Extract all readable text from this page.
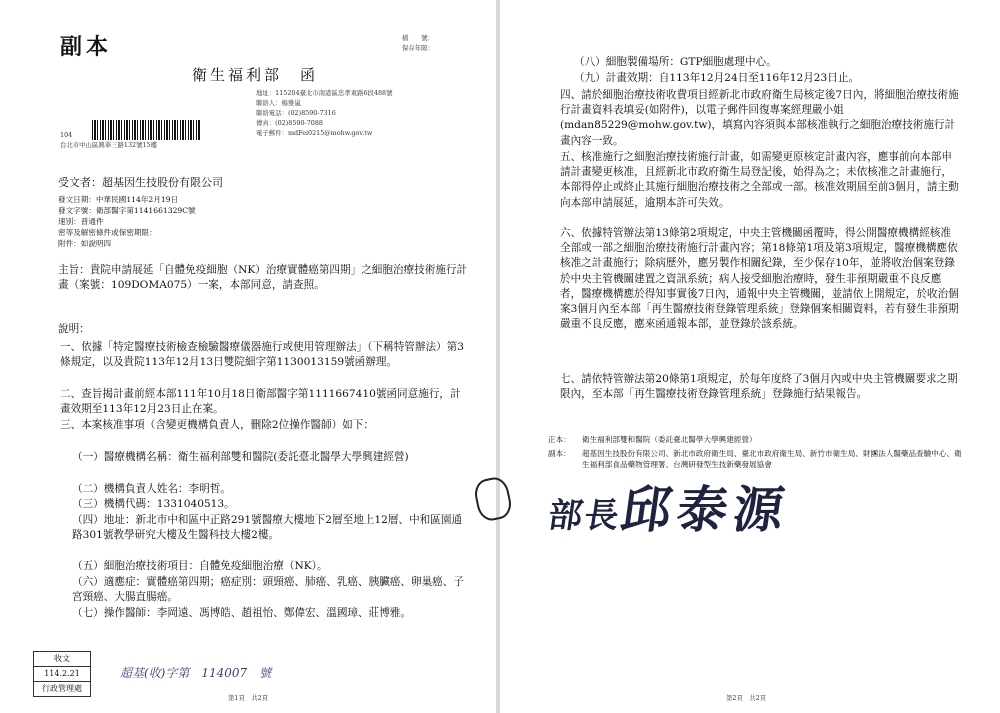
副本	檔　　號：
保存年限：
衛生福利部　函
地址：115204臺北市南港區忠孝東路6段488號
聯絡人：楊雅嵐
聯絡電話：(02)8590-7316
傳真：(02)8590-7088
電子郵件：mdFei0215@mohw.gov.tw
104
台北市中山區興華三路132號15樓
受文者：超基因生技股份有限公司
發文日期：中華民國114年2月19日
發文字號：衛部醫字第1141661329C號
速別：普通件
密等及解密條件或保密期限：
附件：如說明四
主旨：貴院申請展延「自體免疫細胞（NK）治療實體癌第四期」之細胞治療技術施行計畫（案號：109DOMA075）一案，本部同意，請查照。
說明：
一、依據「特定醫療技術檢查檢驗醫療儀器施行或使用管理辦法」（下稱特管辦法）第3條規定，以及貴院113年12月13日雙院細字第1130013159號函辦理。
二、查旨揭計畫前經本部111年10月18日衛部醫字第1111667410號函同意施行，計畫效期至113年12月23日止在案。
三、本案核准事項（含變更機構負責人，刪除2位操作醫師）如下：
（一）醫療機構名稱：衛生福利部雙和醫院(委託臺北醫學大學興建經營)
（二）機構負責人姓名：李明哲。
（三）機構代碼：1331040513。
（四）地址：新北市中和區中正路291號醫療大樓地下2層至地上12層、中和區園通路301號教學研究大樓及生醫科技大樓2樓。
（五）細胞治療技術項目：自體免疫細胞治療（NK）。
（六）適應症：實體癌第四期；癌症別：頭頸癌、肺癌、乳癌、胰臟癌、卵巢癌、子宮頸癌、大腸直腸癌。
（七）操作醫師：李岡遠、馮博皓、趙祖怡、鄭偉宏、溫國璋、莊博雅。
收文
114.2.21
行政管理處
超基(收)字第　114007　號
第1頁　共2頁
（八）細胞製備場所：GTP細胞處理中心。
（九）計畫效期：自113年12月24日至116年12月23日止。
四、請於細胞治療技術收費項目經新北市政府衛生局核定後7日內，將細胞治療技術施行計畫資料表填妥(如附件)，以電子郵件回復專案經理嚴小姐(mdan85229@mohw.gov.tw)，填寫內容須與本部核准執行之細胞治療技術施行計畫內容一致。
五、核准施行之細胞治療技術施行計畫，如需變更原核定計畫內容，應事前向本部申請計畫變更核准，且經新北市政府衛生局登記後，始得為之；未依核准之計畫施行，本部得停止或終止其施行細胞治療技術之全部或一部。核准效期屆至前3個月，請主動向本部申請展延，逾期本許可失效。
六、依據特管辦法第13條第2項規定，中央主管機關函覆時，得公開醫療機構經核准全部或一部之細胞治療技術施行計畫內容；第18條第1項及第3項規定，醫療機構應依核准之計畫施行；除病歷外，應另製作相關紀錄，至少保存10年，並將收治個案登錄於中央主管機關建置之資訊系統；病人接受細胞治療時，發生非預期嚴重不良反應者，醫療機構應於得知事實後7日內，通報中央主管機關，並請依上開規定，於收治個案3個月內至本部「再生醫療技術登錄管理系統」登錄個案相關資料，若有發生非預期嚴重不良反應，應來函通報本部，並登錄於該系統。
七、請依特管辦法第20條第1項規定，於每年度終了3個月內或中央主管機關要求之期限內，至本部「再生醫療技術登錄管理系統」登錄施行結果報告。
正本： 衛生福利部雙和醫院（委託臺北醫學大學興建經營）
副本： 超基因生技股份有限公司、新北市政府衛生局、臺北市政府衛生局、新竹市衛生局、財團法人醫藥品查驗中心、衛生福利部食品藥物管理署、台灣研發型生技新藥發展協會
第2頁　共2頁
部長邱泰源
